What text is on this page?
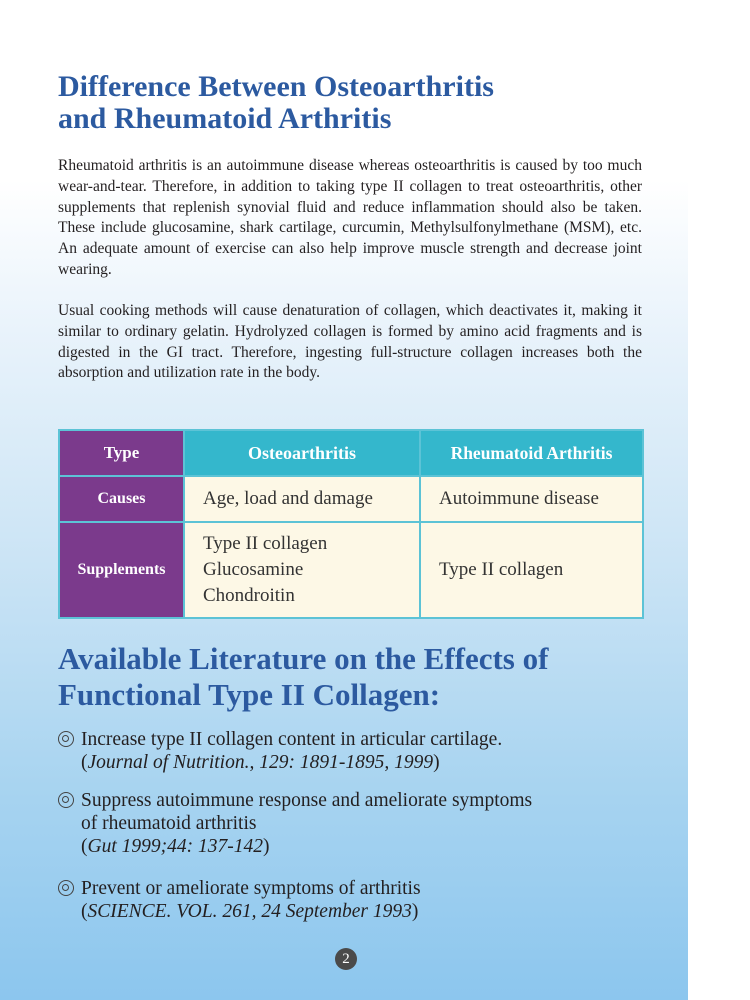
Difference Between Osteoarthritis
and Rheumatoid Arthritis

Rheumatoid arthritis is an autoimmune disease whereas osteoarthritis is caused by too much wear-and-tear. Therefore, in addition to taking type II collagen to treat osteoarthritis, other supplements that replenish synovial fluid and reduce inflammation should also be taken. These include glucosamine, shark cartilage, curcumin, Methylsulfonylmethane (MSM), etc. An adequate amount of exercise can also help improve muscle strength and decrease joint wearing.

Usual cooking methods will cause denaturation of collagen, which deactivates it, making it similar to ordinary gelatin. Hydrolyzed collagen is formed by amino acid fragments and is digested in the GI tract. Therefore, ingesting full-structure collagen increases both the absorption and utilization rate in the body.

Type	Osteoarthritis	Rheumatoid Arthritis
Causes	Age, load and damage	Autoimmune disease

Supplements	Type II collagen
Glucosamine
Chondroitin	Type II collagen
Available Literature on the Effects of
Functional Type II Collagen:
Increase type II collagen content in articular cartilage.
(Journal of Nutrition., 129: 1891-1895, 1999)
Suppress autoimmune response and ameliorate symptoms
of rheumatoid arthritis
(Gut 1999;44: 137-142)
Prevent or ameliorate symptoms of arthritis
(SCIENCE. VOL. 261, 24 September 1993)
2
